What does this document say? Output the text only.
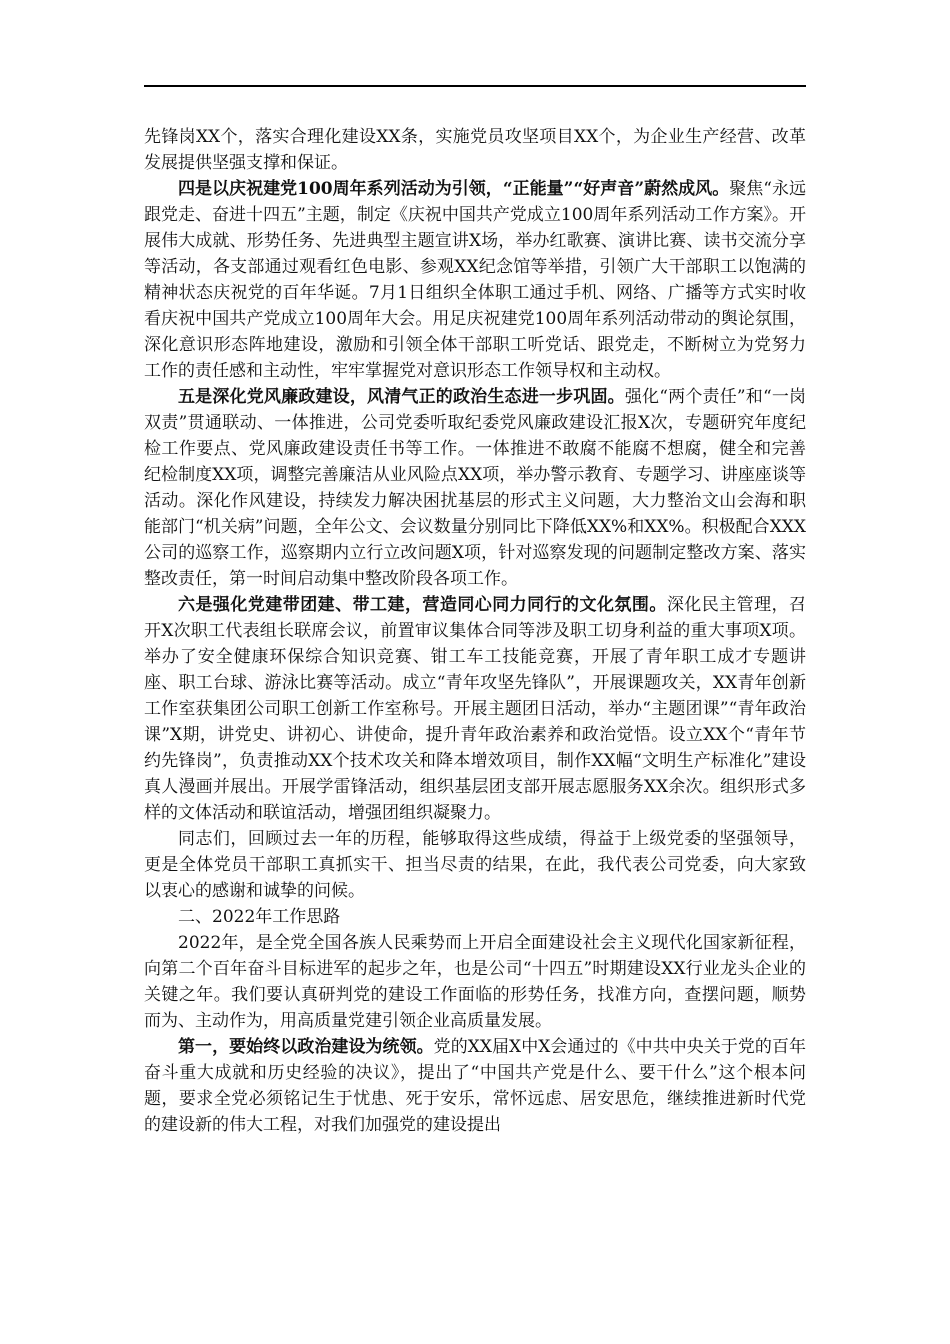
先锋岗XX个，落实合理化建设XX条，实施党员攻坚项目XX个，为企业生产经营、改革发展提供坚强支撑和保证。

四是以庆祝建党100周年系列活动为引领，“正能量”“好声音”蔚然成风。聚焦“永远跟党走、奋进十四五”主题，制定《庆祝中国共产党成立100周年系列活动工作方案》。开展伟大成就、形势任务、先进典型主题宣讲X场，举办红歌赛、演讲比赛、读书交流分享等活动，各支部通过观看红色电影、参观XX纪念馆等举措，引领广大干部职工以饱满的精神状态庆祝党的百年华诞。7月1日组织全体职工通过手机、网络、广播等方式实时收看庆祝中国共产党成立100周年大会。用足庆祝建党100周年系列活动带动的舆论氛围，深化意识形态阵地建设，激励和引领全体干部职工听党话、跟党走，不断树立为党努力工作的责任感和主动性，牢牢掌握党对意识形态工作领导权和主动权。

五是深化党风廉政建设，风清气正的政治生态进一步巩固。强化“两个责任”和“一岗双责”贯通联动、一体推进，公司党委听取纪委党风廉政建设汇报X次，专题研究年度纪检工作要点、党风廉政建设责任书等工作。一体推进不敢腐不能腐不想腐，健全和完善纪检制度XX项，调整完善廉洁从业风险点XX项，举办警示教育、专题学习、讲座座谈等活动。深化作风建设，持续发力解决困扰基层的形式主义问题，大力整治文山会海和职能部门“机关病”问题，全年公文、会议数量分别同比下降低XX%和XX%。积极配合XXX公司的巡察工作，巡察期内立行立改问题X项，针对巡察发现的问题制定整改方案、落实整改责任，第一时间启动集中整改阶段各项工作。

六是强化党建带团建、带工建，营造同心同力同行的文化氛围。深化民主管理，召开X次职工代表组长联席会议，前置审议集体合同等涉及职工切身利益的重大事项X项。举办了安全健康环保综合知识竞赛、钳工车工技能竞赛，开展了青年职工成才专题讲座、职工台球、游泳比赛等活动。成立“青年攻坚先锋队”，开展课题攻关，XX青年创新工作室获集团公司职工创新工作室称号。开展主题团日活动，举办“主题团课”“青年政治课”X期，讲党史、讲初心、讲使命，提升青年政治素养和政治觉悟。设立XX个“青年节约先锋岗”，负责推动XX个技术攻关和降本增效项目，制作XX幅“文明生产标准化”建设真人漫画并展出。开展学雷锋活动，组织基层团支部开展志愿服务XX余次。组织形式多样的文体活动和联谊活动，增强团组织凝聚力。

同志们，回顾过去一年的历程，能够取得这些成绩，得益于上级党委的坚强领导，更是全体党员干部职工真抓实干、担当尽责的结果，在此，我代表公司党委，向大家致以衷心的感谢和诚挚的问候。

二、2022年工作思路

2022年，是全党全国各族人民乘势而上开启全面建设社会主义现代化国家新征程，向第二个百年奋斗目标进军的起步之年，也是公司“十四五”时期建设XX行业龙头企业的关键之年。我们要认真研判党的建设工作面临的形势任务，找准方向，查摆问题，顺势而为、主动作为，用高质量党建引领企业高质量发展。

第一，要始终以政治建设为统领。党的XX届X中X会通过的《中共中央关于党的百年奋斗重大成就和历史经验的决议》，提出了“中国共产党是什么、要干什么”这个根本问题，要求全党必须铭记生于忧患、死于安乐，常怀远虑、居安思危，继续推进新时代党的建设新的伟大工程，对我们加强党的建设提出
